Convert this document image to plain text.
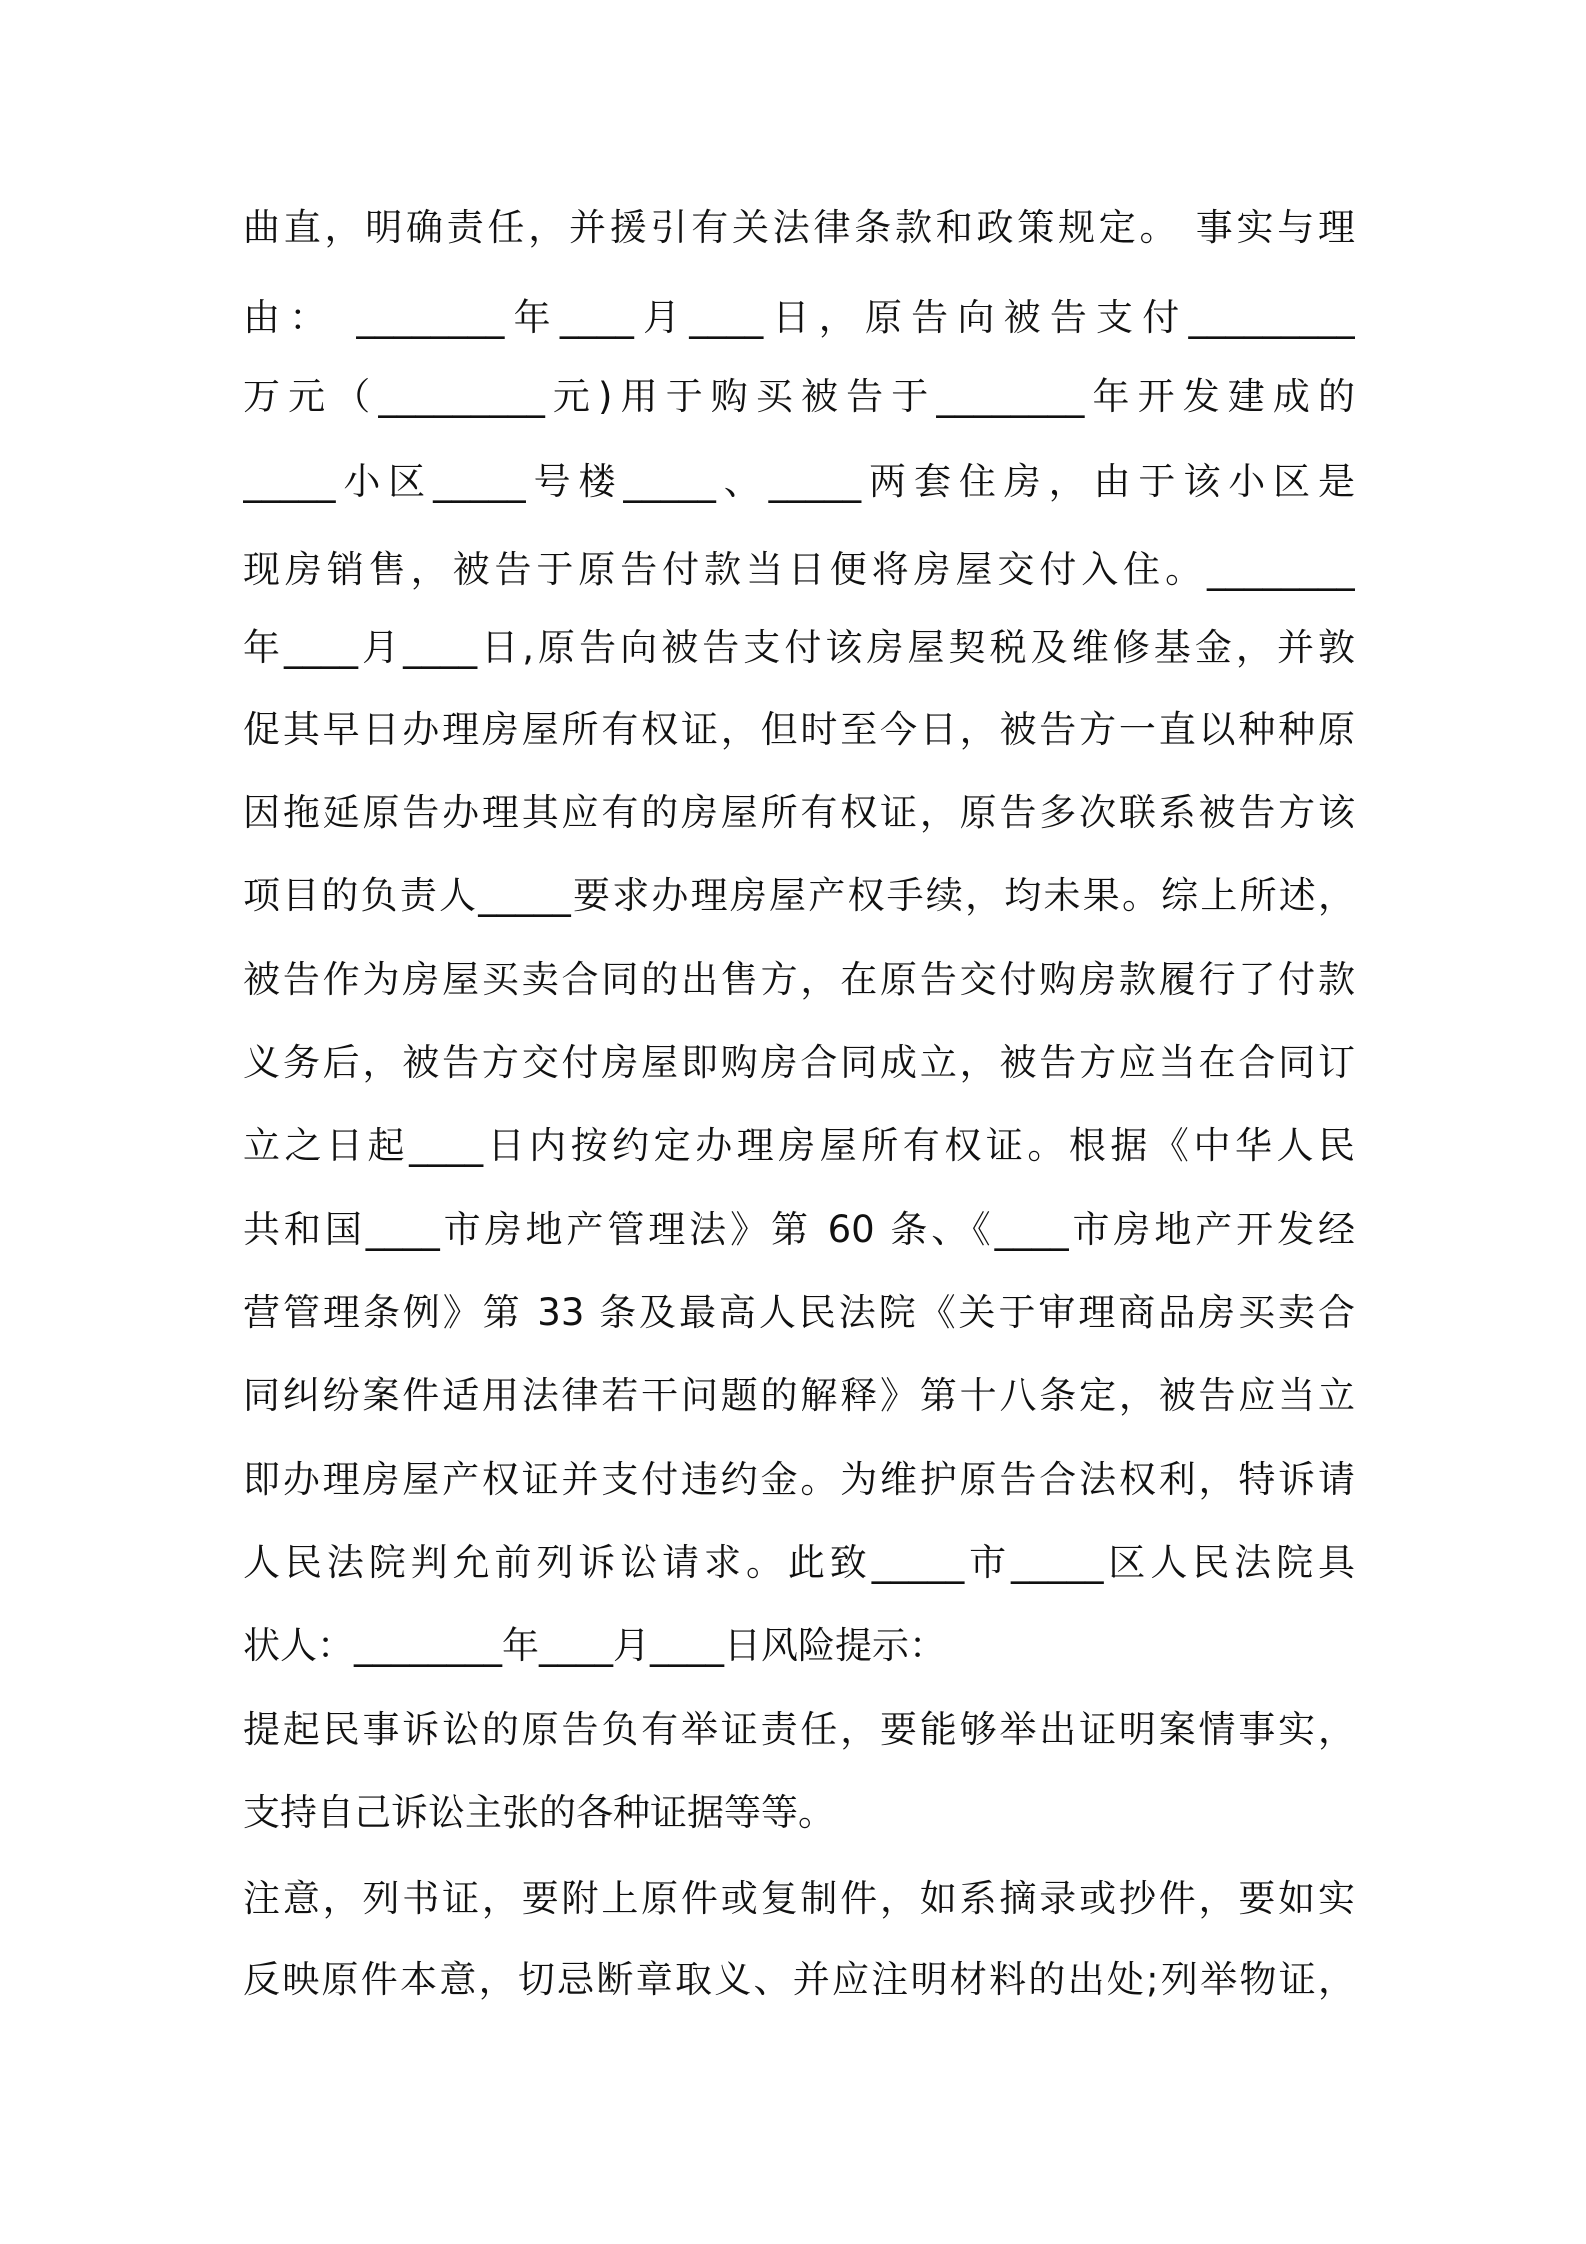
曲直，明确责任，并援引有关法律条款和政策规定。 事实与理
由： ________年____月____日，原告向被告支付_________
万元（_________元)用于购买被告于________年开发建成的
_____小区_____号楼_____、_____两套住房，由于该小区是
现房销售，被告于原告付款当日便将房屋交付入住。________
年____月____日,原告向被告支付该房屋契税及维修基金，并敦
促其早日办理房屋所有权证，但时至今日，被告方一直以种种原
因拖延原告办理其应有的房屋所有权证，原告多次联系被告方该
项目的负责人_____要求办理房屋产权手续，均未果。综上所述，
被告作为房屋买卖合同的出售方，在原告交付购房款履行了付款
义务后，被告方交付房屋即购房合同成立，被告方应当在合同订
立之日起____日内按约定办理房屋所有权证。根据《中华人民
共和国____市房地产管理法》第 60 条、《____市房地产开发经
营管理条例》第 33 条及最高人民法院《关于审理商品房买卖合
同纠纷案件适用法律若干问题的解释》第十八条定，被告应当立
即办理房屋产权证并支付违约金。为维护原告合法权利，特诉请
人民法院判允前列诉讼请求。此致_____市_____区人民法院具
状人：________年____月____日风险提示：
提起民事诉讼的原告负有举证责任，要能够举出证明案情事实，
支持自己诉讼主张的各种证据等等。
注意，列书证，要附上原件或复制件，如系摘录或抄件，要如实
反映原件本意，切忌断章取义、并应注明材料的出处;列举物证，
